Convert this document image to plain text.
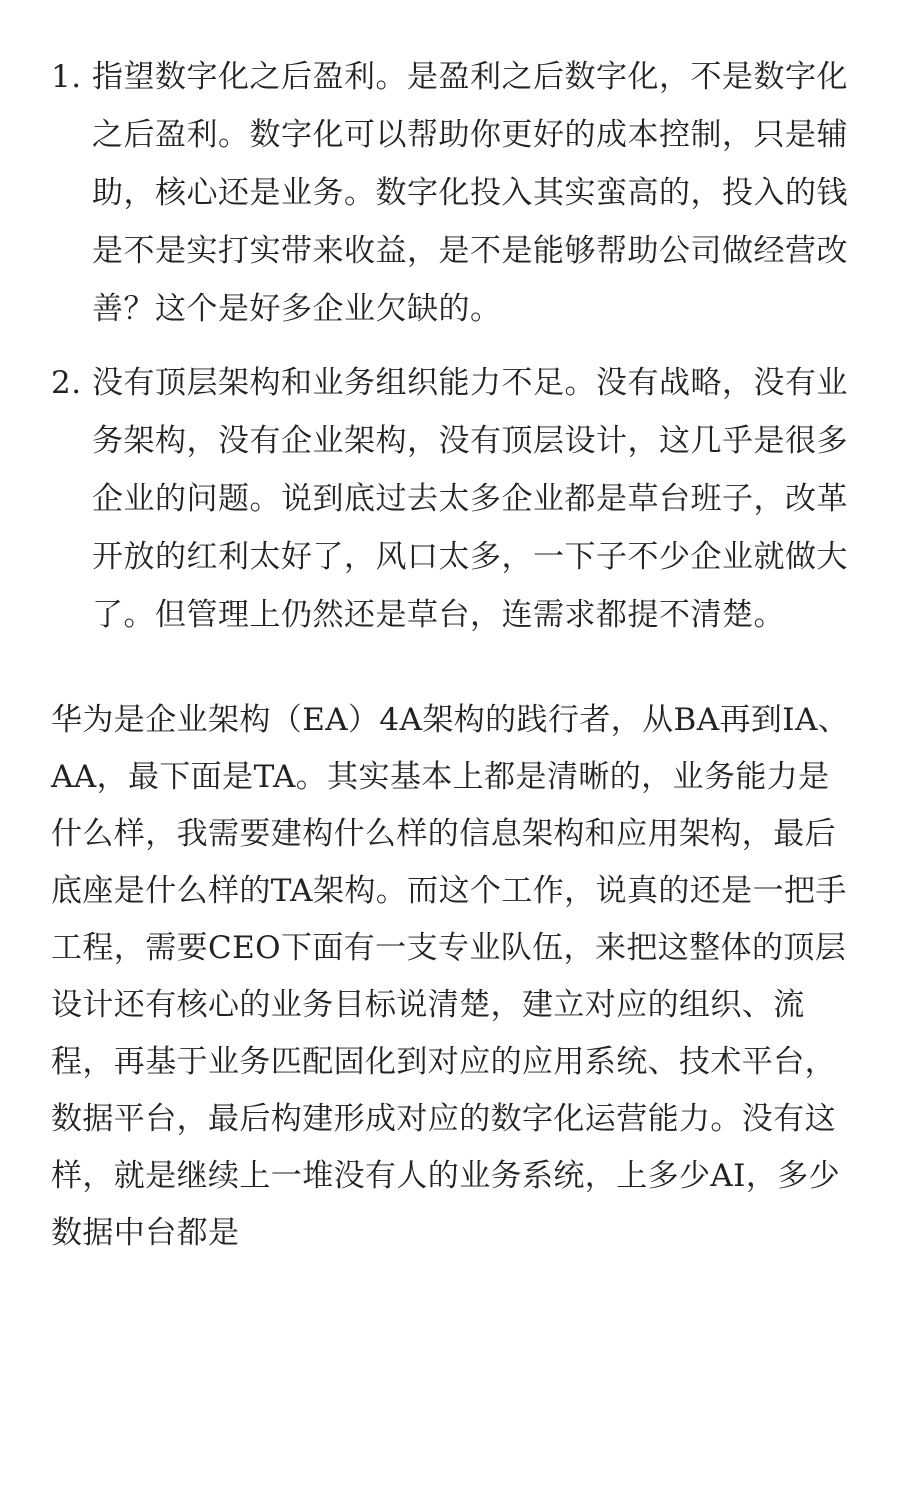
1. 指望数字化之后盈利。是盈利之后数字化，不是数字化之后盈利。数字化可以帮助你更好的成本控制，只是辅助，核心还是业务。数字化投入其实蛮高的，投入的钱是不是实打实带来收益，是不是能够帮助公司做经营改善？这个是好多企业欠缺的。
2. 没有顶层架构和业务组织能力不足。没有战略，没有业务架构，没有企业架构，没有顶层设计，这几乎是很多企业的问题。说到底过去太多企业都是草台班子，改革开放的红利太好了，风口太多，一下子不少企业就做大了。但管理上仍然还是草台，连需求都提不清楚。

华为是企业架构（EA）4A架构的践行者，从BA再到IA、AA，最下面是TA。其实基本上都是清晰的，业务能力是什么样，我需要建构什么样的信息架构和应用架构，最后底座是什么样的TA架构。而这个工作，说真的还是一把手工程，需要CEO下面有一支专业队伍，来把这整体的顶层设计还有核心的业务目标说清楚，建立对应的组织、流程，再基于业务匹配固化到对应的应用系统、技术平台，数据平台，最后构建形成对应的数字化运营能力。没有这样，就是继续上一堆没有人的业务系统，上多少AI，多少数据中台都是
